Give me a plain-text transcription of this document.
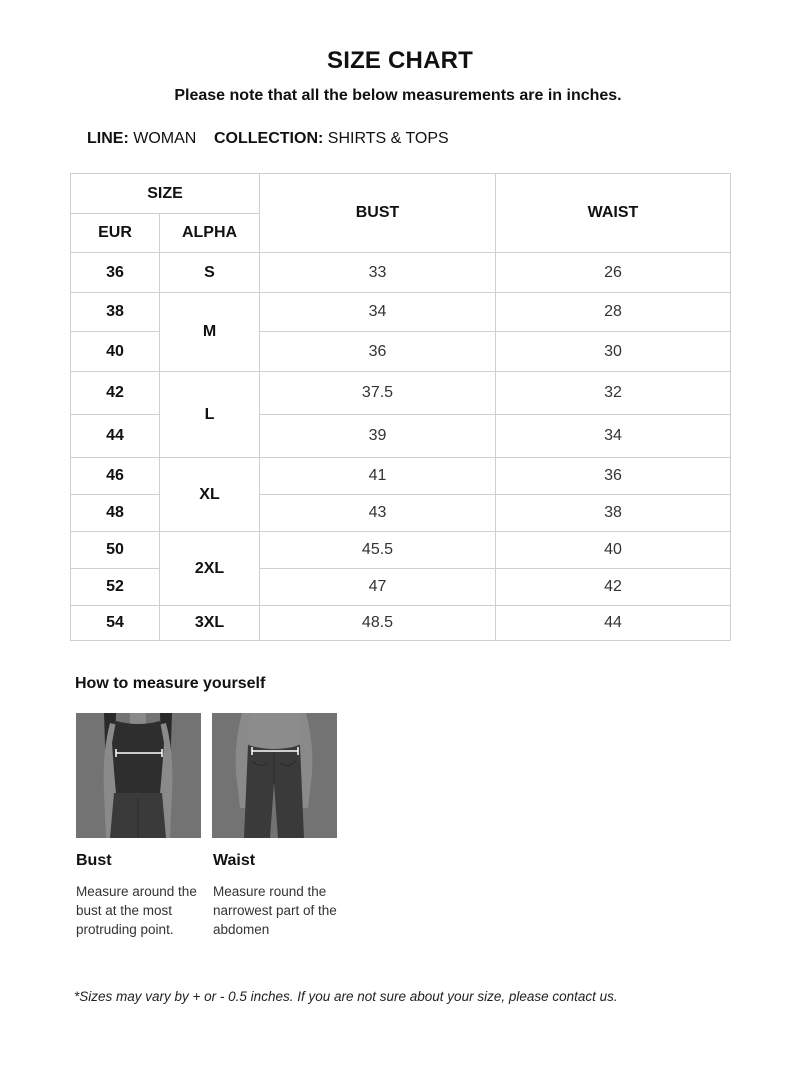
SIZE CHART
Please note that all the below measurements are in inches.
LINE: WOMAN COLLECTION: SHIRTS & TOPS
SIZE		BUST	WAIST
EUR	ALPHA		
36	S	33	26
38	M	34	28
40		36	30
42	L	37.5	32
44		39	34
46	XL	41	36
48		43	38
50	2XL	45.5	40
52		47	42
54	3XL	48.5	44
How to measure yourself
Bust
Measure around the bust at the most protruding point.
Waist
Measure round the narrowest part of the abdomen
*Sizes may vary by + or - 0.5 inches. If you are not sure about your size, please contact us.
